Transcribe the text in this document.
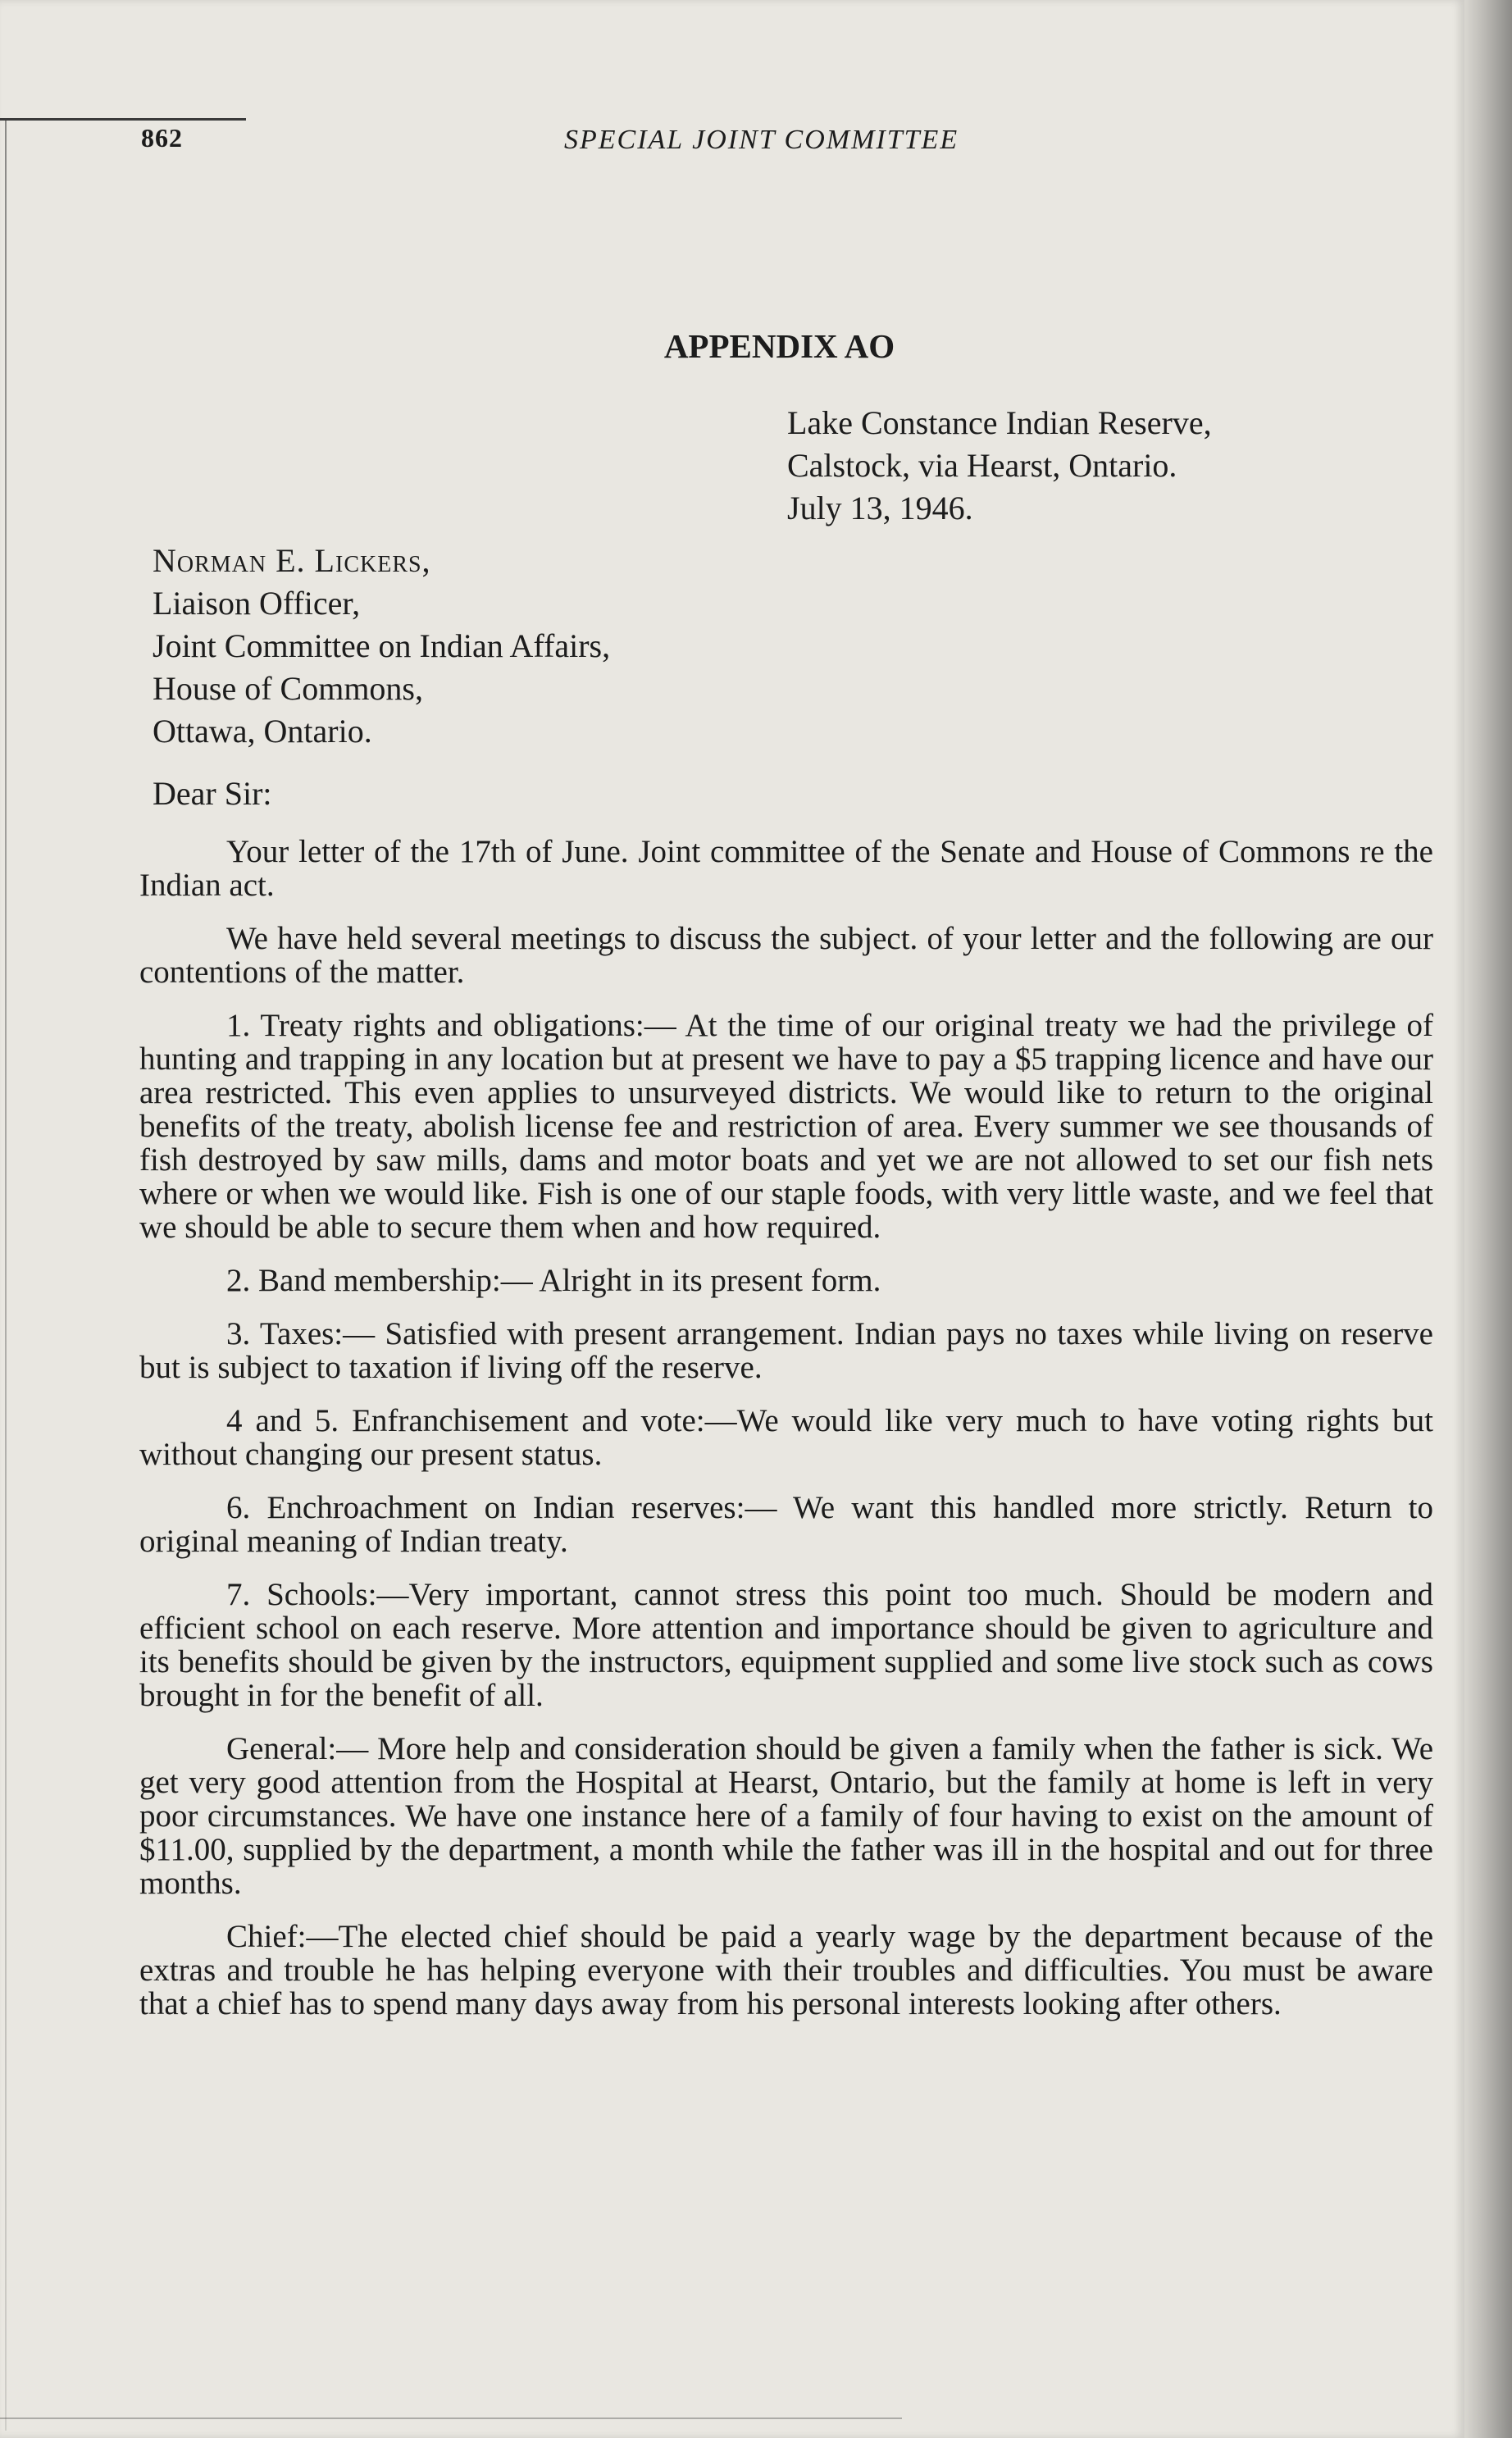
862	SPECIAL JOINT COMMITTEE
APPENDIX AO
Lake Constance Indian Reserve,
Calstock, via Hearst, Ontario.
July 13, 1946.
Norman E. Lickers,
Liaison Officer,
Joint Committee on Indian Affairs,
House of Commons,
Ottawa, Ontario.
Dear Sir:

Your letter of the 17th of June. Joint committee of the Senate and House of Commons re the Indian act.

We have held several meetings to discuss the subject. of your letter and the following are our contentions of the matter.

1. Treaty rights and obligations:— At the time of our original treaty we had the privilege of hunting and trapping in any location but at present we have to pay a $5 trapping licence and have our area restricted. This even applies to unsurveyed districts. We would like to return to the original benefits of the treaty, abolish license fee and restriction of area. Every summer we see thousands of fish destroyed by saw mills, dams and motor boats and yet we are not allowed to set our fish nets where or when we would like. Fish is one of our staple foods, with very little waste, and we feel that we should be able to secure them when and how required.

2. Band membership:— Alright in its present form.

3. Taxes:— Satisfied with present arrangement. Indian pays no taxes while living on reserve but is subject to taxation if living off the reserve.

4 and 5. Enfranchisement and vote:—We would like very much to have voting rights but without changing our present status.

6. Enchroachment on Indian reserves:— We want this handled more strictly. Return to original meaning of Indian treaty.

7. Schools:—Very important, cannot stress this point too much. Should be modern and efficient school on each reserve. More attention and importance should be given to agriculture and its benefits should be given by the instructors, equipment supplied and some live stock such as cows brought in for the benefit of all.

General:— More help and consideration should be given a family when the father is sick. We get very good attention from the Hospital at Hearst, Ontario, but the family at home is left in very poor circumstances. We have one instance here of a family of four having to exist on the amount of $11.00, supplied by the department, a month while the father was ill in the hospital and out for three months.

Chief:—The elected chief should be paid a yearly wage by the department because of the extras and trouble he has helping everyone with their troubles and difficulties. You must be aware that a chief has to spend many days away from his personal interests looking after others.
